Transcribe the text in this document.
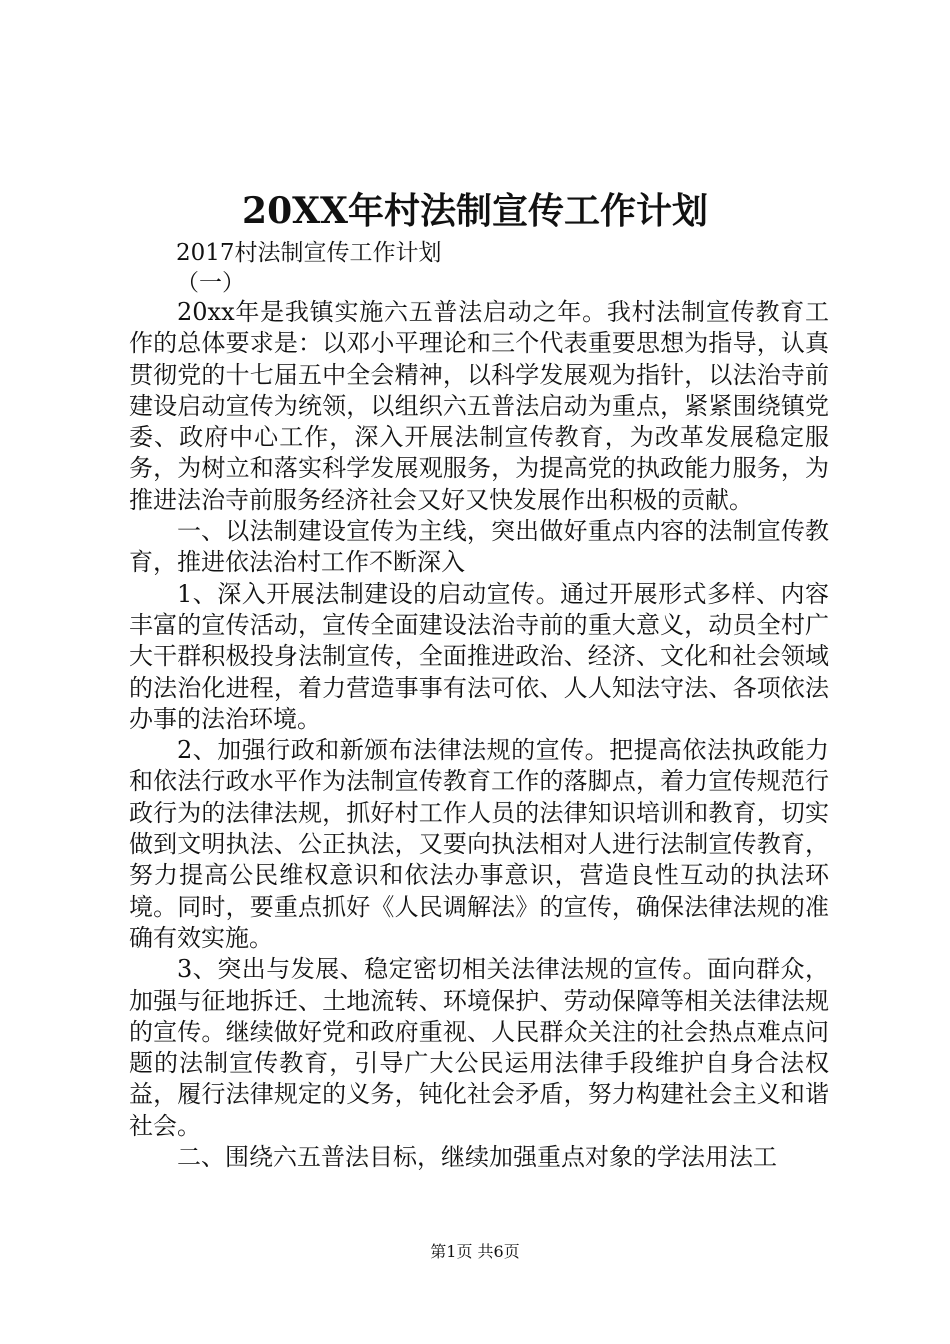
20XX年村法制宣传工作计划
2017村法制宣传工作计划
（一）

20xx年是我镇实施六五普法启动之年。我村法制宣传教育工作的总体要求是：以邓小平理论和三个代表重要思想为指导，认真贯彻党的十七届五中全会精神，以科学发展观为指针，以法治寺前建设启动宣传为统领，以组织六五普法启动为重点，紧紧围绕镇党委、政府中心工作，深入开展法制宣传教育，为改革发展稳定服务，为树立和落实科学发展观服务，为提高党的执政能力服务，为推进法治寺前服务经济社会又好又快发展作出积极的贡献。

一、以法制建设宣传为主线，突出做好重点内容的法制宣传教育，推进依法治村工作不断深入

1、深入开展法制建设的启动宣传。通过开展形式多样、内容丰富的宣传活动，宣传全面建设法治寺前的重大意义，动员全村广大干群积极投身法制宣传，全面推进政治、经济、文化和社会领域的法治化进程，着力营造事事有法可依、人人知法守法、各项依法办事的法治环境。

2、加强行政和新颁布法律法规的宣传。把提高依法执政能力和依法行政水平作为法制宣传教育工作的落脚点，着力宣传规范行政行为的法律法规，抓好村工作人员的法律知识培训和教育，切实做到文明执法、公正执法，又要向执法相对人进行法制宣传教育，努力提高公民维权意识和依法办事意识，营造良性互动的执法环境。同时，要重点抓好《人民调解法》的宣传，确保法律法规的准确有效实施。

3、突出与发展、稳定密切相关法律法规的宣传。面向群众，加强与征地拆迁、土地流转、环境保护、劳动保障等相关法律法规的宣传。继续做好党和政府重视、人民群众关注的社会热点难点问题的法制宣传教育，引导广大公民运用法律手段维护自身合法权益，履行法律规定的义务，钝化社会矛盾，努力构建社会主义和谐社会。

二、围绕六五普法目标，继续加强重点对象的学法用法工

第1页 共6页
